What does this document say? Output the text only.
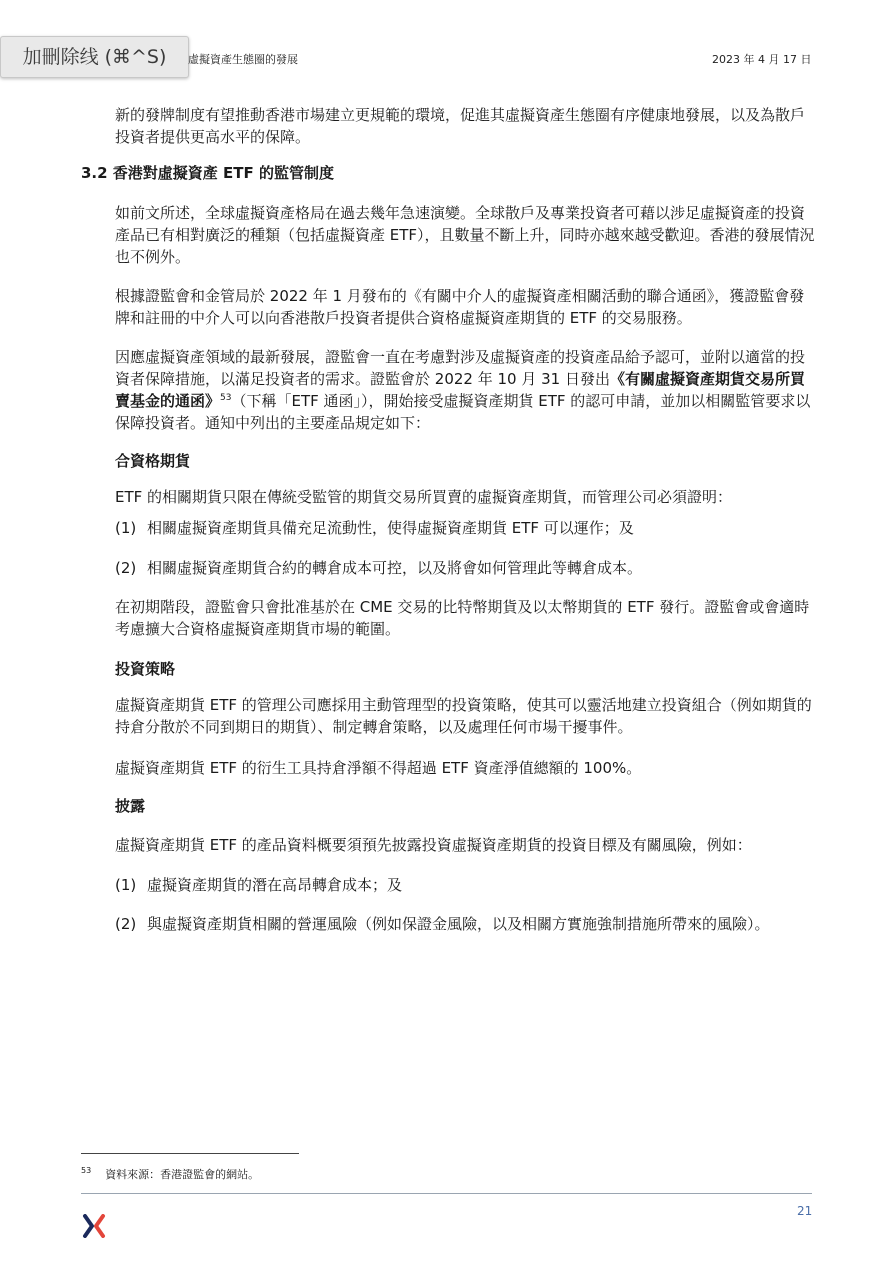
加刪除线 (⌘^S)	虛擬資產生態圈的發展	2023 年 4 月 17 日

新的發牌制度有望推動香港市場建立更規範的環境，促進其虛擬資產生態圈有序健康地發展，以及為散戶投資者提供更高水平的保障。

3.2 香港對虛擬資產 ETF 的監管制度

如前文所述，全球虛擬資產格局在過去幾年急速演變。全球散戶及專業投資者可藉以涉足虛擬資產的投資產品已有相對廣泛的種類（包括虛擬資產 ETF），且數量不斷上升，同時亦越來越受歡迎。香港的發展情況也不例外。

根據證監會和金管局於 2022 年 1 月發布的《有關中介人的虛擬資產相關活動的聯合通函》，獲證監會發牌和註冊的中介人可以向香港散戶投資者提供合資格虛擬資產期貨的 ETF 的交易服務。

因應虛擬資產領域的最新發展，證監會一直在考慮對涉及虛擬資產的投資產品給予認可，並附以適當的投資者保障措施，以滿足投資者的需求。證監會於 2022 年 10 月 31 日發出《有關虛擬資產期貨交易所買賣基金的通函》$^{53}$（下稱「ETF 通函」），開始接受虛擬資產期貨 ETF 的認可申請，並加以相關監管要求以保障投資者。通知中列出的主要產品規定如下：

合資格期貨

ETF 的相關期貨只限在傳統受監管的期貨交易所買賣的虛擬資產期貨，而管理公司必須證明：

(1) 相關虛擬資產期貨具備充足流動性，使得虛擬資產期貨 ETF 可以運作；及
(2) 相關虛擬資產期貨合約的轉倉成本可控，以及將會如何管理此等轉倉成本。

在初期階段，證監會只會批准基於在 CME 交易的比特幣期貨及以太幣期貨的 ETF 發行。證監會或會適時考慮擴大合資格虛擬資產期貨市場的範圍。

投資策略

虛擬資產期貨 ETF 的管理公司應採用主動管理型的投資策略，使其可以靈活地建立投資組合（例如期貨的持倉分散於不同到期日的期貨）、制定轉倉策略，以及處理任何市場干擾事件。

虛擬資產期貨 ETF 的衍生工具持倉淨額不得超過 ETF 資產淨值總額的 100%。

披露

虛擬資產期貨 ETF 的產品資料概要須預先披露投資虛擬資產期貨的投資目標及有關風險，例如：

(1) 虛擬資產期貨的潛在高昂轉倉成本；及
(2) 與虛擬資產期貨相關的營運風險（例如保證金風險，以及相關方實施強制措施所帶來的風險）。
$^{53}$ 資料來源：香港證監會的網站。
21
